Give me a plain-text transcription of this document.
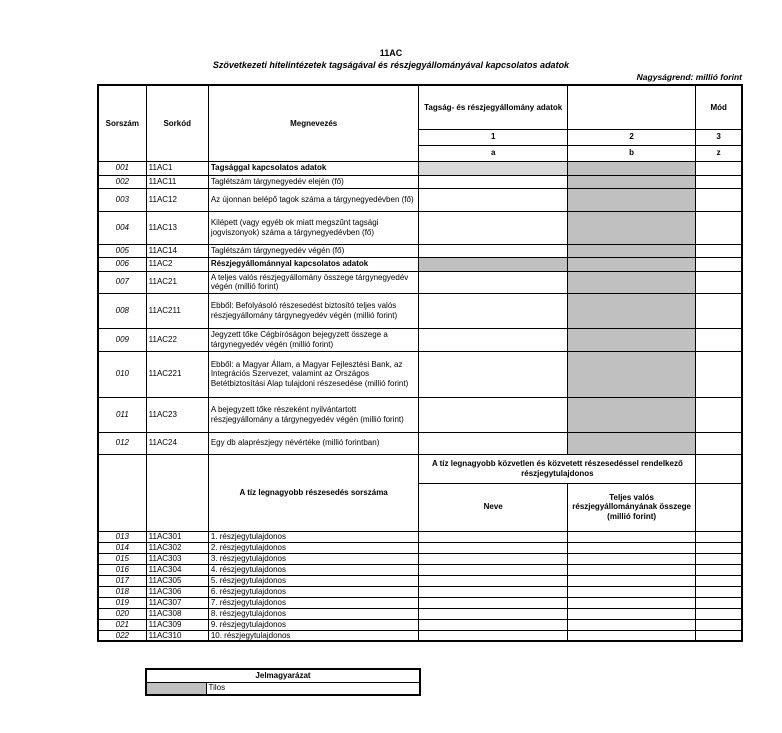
11AC
Szövetkezeti hitelintézetek tagságával és részjegyállományával kapcsolatos adatok
Nagyságrend: millió forint
Sorszám	Sorkód	Megnevezés	Tagság- és részjegyállomány adatok		Mód
			1	2	3
			a	b	z
001	11AC1	Tagsággal kapcsolatos adatok			
002	11AC11	Taglétszám tárgynegyedév elején (fő)			
003	11AC12	Az újonnan belépő tagok száma a tárgynegyedévben (fő)			
004	11AC13	Kilépett (vagy egyéb ok miatt megszűnt tagsági jogviszonyok) száma a tárgynegyedévben (fő)			
005	11AC14	Taglétszám tárgynegyedév végén (fő)			
006	11AC2	Részjegyállománnyal kapcsolatos adatok			
007	11AC21	A teljes valós részjegyállomány összege tárgynegyedév végén (millió forint)			
008	11AC211	Ebből: Befolyásoló részesedést biztosító teljes valós részjegyállomány tárgynegyedév végén (millió forint)			
009	11AC22	Jegyzett tőke Cégbíróságon bejegyzett összege a tárgynegyedév végén (millió forint)			
010	11AC221	Ebből: a Magyar Állam, a Magyar Fejlesztési Bank, az Integrációs Szervezet, valamint az Országos Betétbiztosítási Alap tulajdoni részesedése (millió forint)			
011	11AC23	A bejegyzett tőke részeként nyilvántartott részjegyállomány a tárgynegyedév végén (millió forint)			
012	11AC24	Egy db alaprészjegy névértéke (millió forintban)			
		A tíz legnagyobb részesedés sorszáma	A tíz legnagyobb közvetlen és közvetett részesedéssel rendelkező részjegytulajdonos		
			Neve	Teljes valós részjegyállományának összege (millió forint)	
013	11AC301	1. részjegytulajdonos			
014	11AC302	2. részjegytulajdonos			
015	11AC303	3. részjegytulajdonos			
016	11AC304	4. részjegytulajdonos			
017	11AC305	5. részjegytulajdonos			
018	11AC306	6. részjegytulajdonos			
019	11AC307	7. részjegytulajdonos			
020	11AC308	8. részjegytulajdonos			
021	11AC309	9. részjegytulajdonos			
022	11AC310	10. részjegytulajdonos			
Jelmagyarázat
	Tilos
